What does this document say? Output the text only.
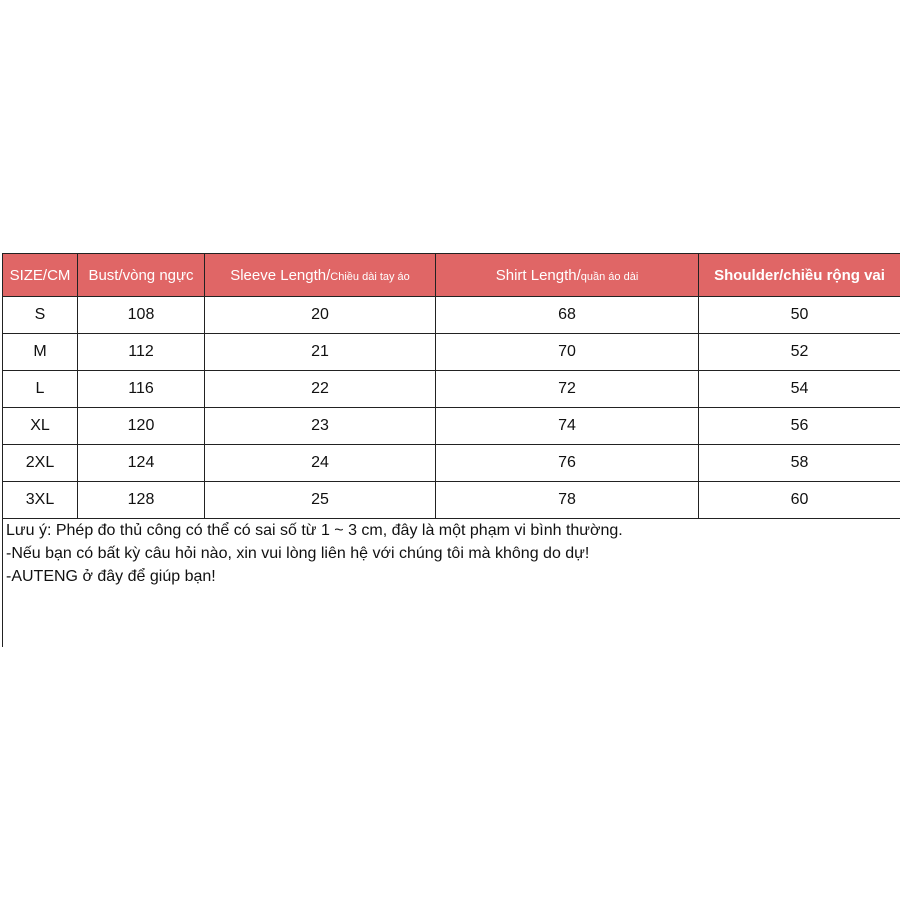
SIZE/CM	Bust/vòng ngực	Sleeve Length/Chiều dài tay áo	Shirt Length/quần áo dài	Shoulder/chiều rộng vai
S	108	20	68	50
M	112	21	70	52
L	116	22	72	54
XL	120	23	74	56
2XL	124	24	76	58
3XL	128	25	78	60
Lưu ý: Phép đo thủ công có thể có sai số từ 1 ~ 3 cm, đây là một phạm vi bình thường.
-Nếu bạn có bất kỳ câu hỏi nào, xin vui lòng liên hệ với chúng tôi mà không do dự!
-AUTENG ở đây để giúp bạn!
